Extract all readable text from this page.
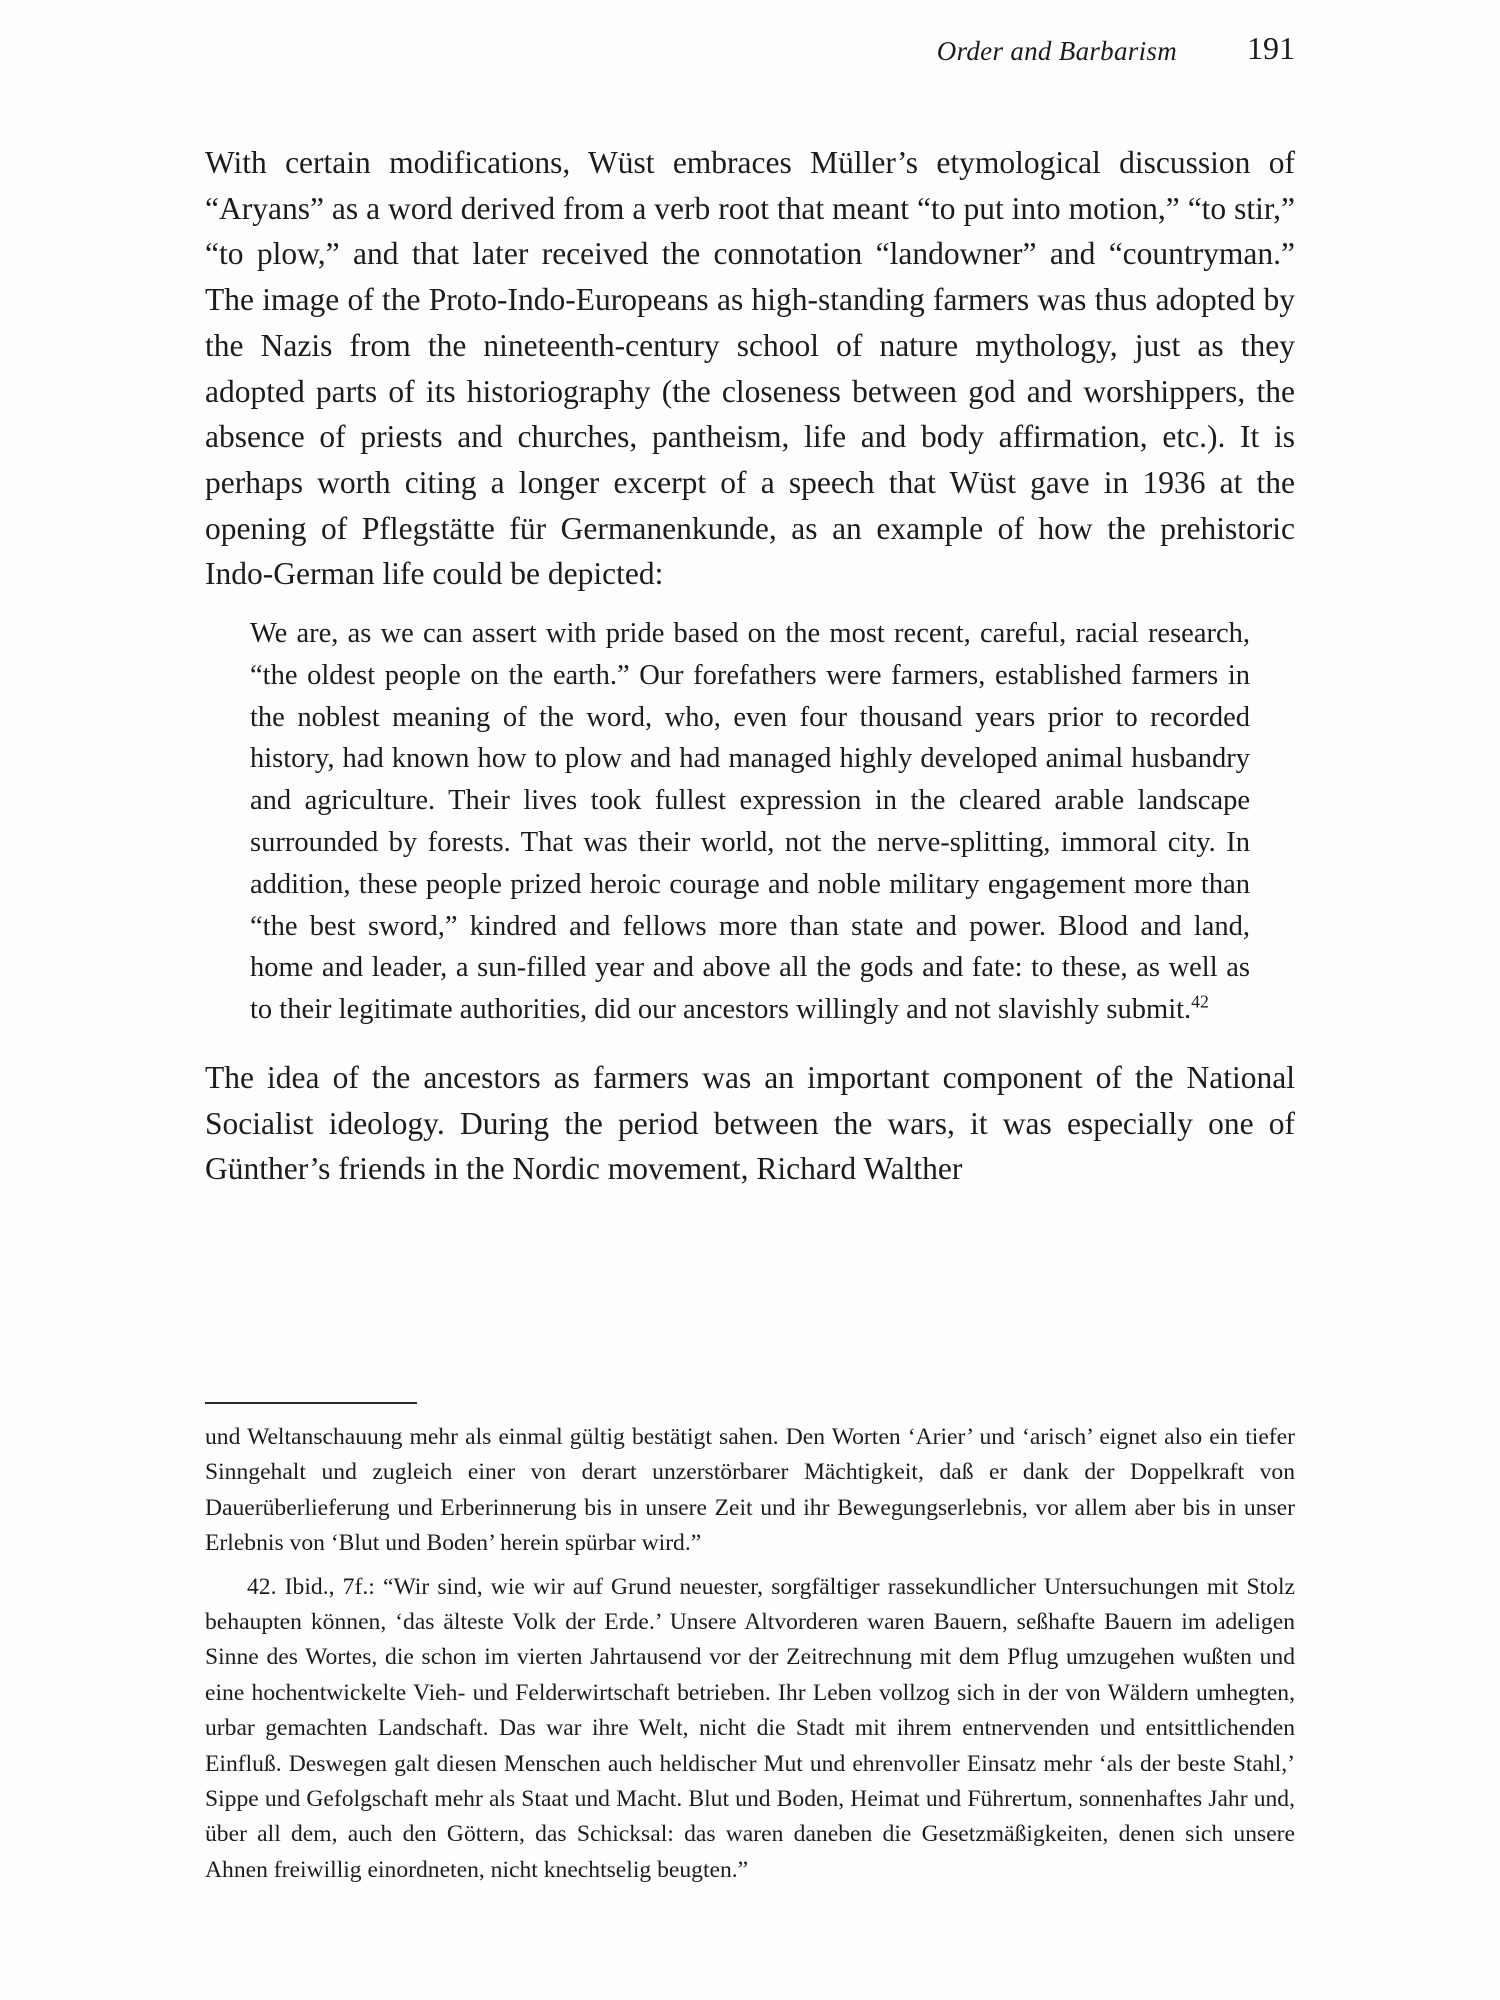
Order and Barbarism 191

With certain modifications, Wüst embraces Müller’s etymological discussion of “Aryans” as a word derived from a verb root that meant “to put into motion,” “to stir,” “to plow,” and that later received the connotation “landowner” and “countryman.” The image of the Proto-Indo-Europeans as high-standing farmers was thus adopted by the Nazis from the nineteenth-century school of nature mythology, just as they adopted parts of its historiography (the closeness between god and worshippers, the absence of priests and churches, pantheism, life and body affirmation, etc.). It is perhaps worth citing a longer excerpt of a speech that Wüst gave in 1936 at the opening of Pflegstätte für Germanenkunde, as an example of how the prehistoric Indo-German life could be depicted:

We are, as we can assert with pride based on the most recent, careful, racial research, “the oldest people on the earth.” Our forefathers were farmers, established farmers in the noblest meaning of the word, who, even four thousand years prior to recorded history, had known how to plow and had managed highly developed animal husbandry and agriculture. Their lives took fullest expression in the cleared arable landscape surrounded by forests. That was their world, not the nerve-splitting, immoral city. In addition, these people prized heroic courage and noble military engagement more than “the best sword,” kindred and fellows more than state and power. Blood and land, home and leader, a sun-filled year and above all the gods and fate: to these, as well as to their legitimate authorities, did our ancestors willingly and not slavishly submit.$^{42}$

The idea of the ancestors as farmers was an important component of the National Socialist ideology. During the period between the wars, it was especially one of Günther’s friends in the Nordic movement, Richard Walther

und Weltanschauung mehr als einmal gültig bestätigt sahen. Den Worten ‘Arier’ und ‘arisch’ eignet also ein tiefer Sinngehalt und zugleich einer von derart unzerstörbarer Mächtigkeit, daß er dank der Doppelkraft von Dauerüberlieferung und Erberinnerung bis in unsere Zeit und ihr Bewegungserlebnis, vor allem aber bis in unser Erlebnis von ‘Blut und Boden’ herein spürbar wird.”

42. Ibid., 7f.: “Wir sind, wie wir auf Grund neuester, sorgfältiger rassekundlicher Untersuchungen mit Stolz behaupten können, ‘das älteste Volk der Erde.’ Unsere Altvorderen waren Bauern, seßhafte Bauern im adeligen Sinne des Wortes, die schon im vierten Jahrtausend vor der Zeitrechnung mit dem Pflug umzugehen wußten und eine hochentwickelte Vieh- und Felderwirtschaft betrieben. Ihr Leben vollzog sich in der von Wäldern umhegten, urbar gemachten Landschaft. Das war ihre Welt, nicht die Stadt mit ihrem entnervenden und entsittlichenden Einfluß. Deswegen galt diesen Menschen auch heldischer Mut und ehrenvoller Einsatz mehr ‘als der beste Stahl,’ Sippe und Gefolgschaft mehr als Staat und Macht. Blut und Boden, Heimat und Führertum, sonnenhaftes Jahr und, über all dem, auch den Göttern, das Schicksal: das waren daneben die Gesetzmäßigkeiten, denen sich unsere Ahnen freiwillig einordneten, nicht knechtselig beugten.”
